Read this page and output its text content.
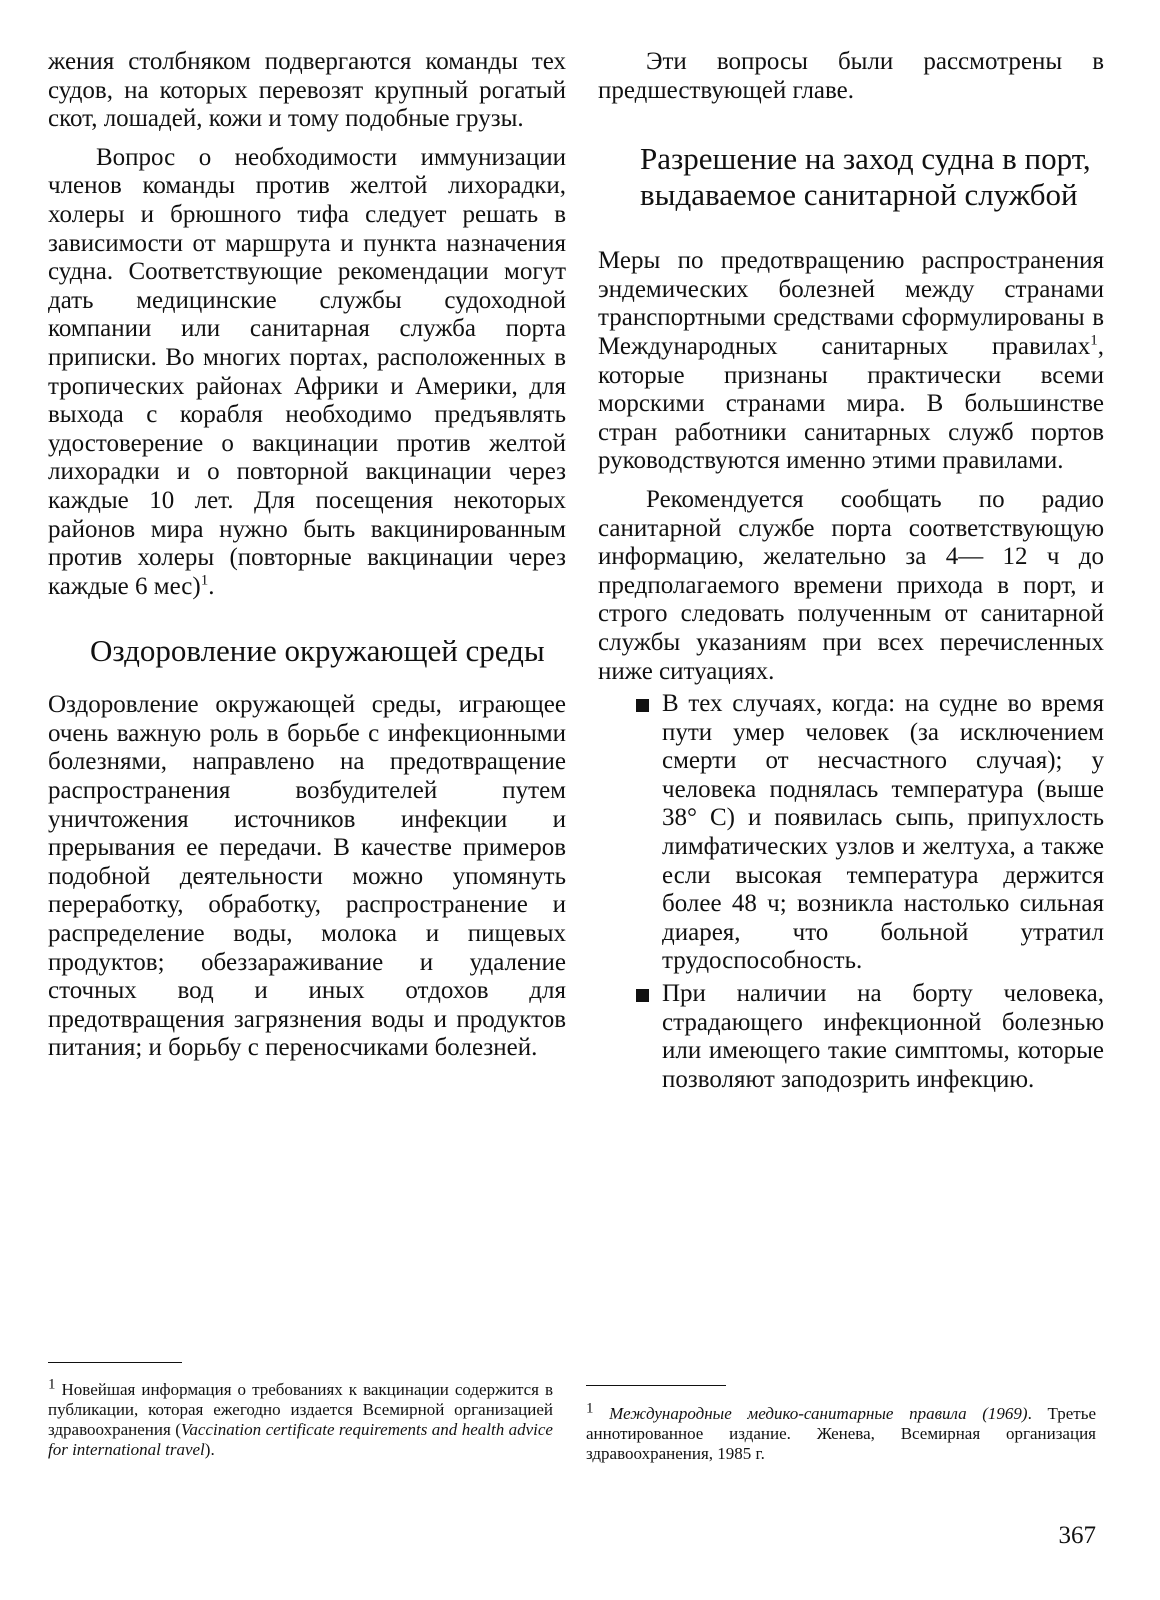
жения столбняком подвергаются команды тех судов, на которых перевозят крупный рогатый скот, лошадей, кожи и тому подобные грузы.

Вопрос о необходимости иммунизации членов команды против желтой лихорадки, холеры и брюшного тифа следует решать в зависимости от маршрута и пункта назначения судна. Соответствующие рекомендации могут дать медицинские службы судоходной компании или санитарная служба порта приписки. Во многих портах, расположенных в тропических районах Африки и Америки, для выхода с корабля необходимо предъявлять удостоверение о вакцинации против желтой лихорадки и о повторной вакцинации через каждые 10 лет. Для посещения некоторых районов мира нужно быть вакцинированным против холеры (повторные вакцинации через каждые 6 мес)$^1$.

Оздоровление окружающей среды

Оздоровление окружающей среды, играющее очень важную роль в борьбе с инфекционными болезнями, направлено на предотвращение распространения возбудителей путем уничтожения источников инфекции и прерывания ее передачи. В качестве примеров подобной деятельности можно упомянуть переработку, обработку, распространение и распределение воды, молока и пищевых продуктов; обеззараживание и удаление сточных вод и иных отдохов для предотвращения загрязнения воды и продуктов питания; и борьбу с переносчиками болезней.

Эти вопросы были рассмотрены в предшествующей главе.

Разрешение на заход судна в порт, выдаваемое санитарной службой

Меры по предотвращению распространения эндемических болезней между странами транспортными средствами сформулированы в Международных санитарных правилах$^1$, которые признаны практически всеми морскими странами мира. В большинстве стран работники санитарных служб портов руководствуются именно этими правилами.

Рекомендуется сообщать по радио санитарной службе порта соответствующую информацию, желательно за 4— 12 ч до предполагаемого времени прихода в порт, и строго следовать полученным от санитарной службы указаниям при всех перечисленных ниже ситуациях.

В тех случаях, когда: на судне во время пути умер человек (за исключением смерти от несчастного случая); у человека поднялась температура (выше 38° С) и появилась сыпь, припухлость лимфатических узлов и желтуха, а также если высокая температура держится более 48 ч; возникла настолько сильная диарея, что больной утратил трудоспособность.
При наличии на борту человека, страдающего инфекционной болезнью или имеющего такие симптомы, которые позволяют заподозрить инфекцию.
$^1$ Новейшая информация о требованиях к вакцинации содержится в публикации, которая ежегодно издается Всемирной организацией здравоохранения (Vaccination certificate requirements and health advice for international travel).
$^1$ Международные медико-санитарные правила (1969). Третье аннотированное издание. Женева, Всемирная организация здравоохранения, 1985 г.
367
